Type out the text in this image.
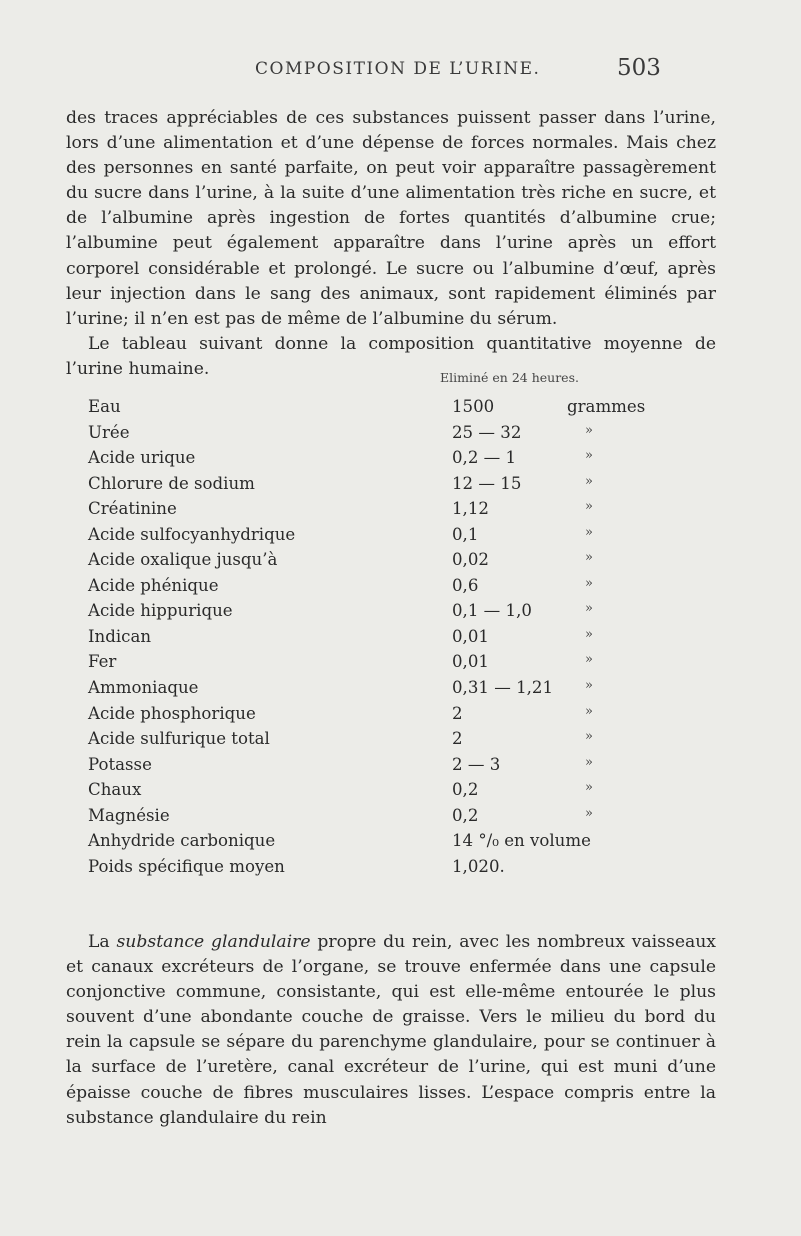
COMPOSITION DE L’URINE.	503

des traces appréciables de ces substances puissent passer dans l’urine, lors d’une alimentation et d’une dépense de forces normales. Mais chez des personnes en santé parfaite, on peut voir apparaître passagèrement du sucre dans l’urine, à la suite d’une alimentation très riche en sucre, et de l’albumine après ingestion de fortes quantités d’albumine crue; l’albumine peut également apparaître dans l’urine après un effort corporel considérable et prolongé. Le sucre ou l’albumine d’œuf, après leur injection dans le sang des animaux, sont rapidement éliminés par l’urine; il n’en est pas de même de l’albumine du sérum.
Le tableau suivant donne la composition quantitative moyenne de l’urine humaine.	Eliminé en 24 heures.
Eau	1500	grammes
Urée	25 — 32	»
Acide urique	0,2 — 1	»
Chlorure de sodium	12 — 15	»
Créatinine	1,12	»
Acide sulfocyanhydrique	0,1	»
Acide oxalique jusqu’à	0,02	»
Acide phénique	0,6	»
Acide hippurique	0,1 — 1,0	»
Indican	0,01	»
Fer	0,01	»
Ammoniaque	0,31 — 1,21 »
Acide phosphorique	2	»
Acide sulfurique total	2	»
Potasse	2 — 3	»
Chaux	0,2	»
Magnésie	0,2	»
Anhydride carbonique	14 °/₀ en volume
Poids spécifique moyen	1,020.

La substance glandulaire propre du rein, avec les nombreux vaisseaux et canaux excréteurs de l’organe, se trouve enfermée dans une capsule conjonctive commune, consistante, qui est elle-même entourée le plus souvent d’une abondante couche de graisse. Vers le milieu du bord du rein la capsule se sépare du parenchyme glandulaire, pour se continuer à la surface de l’uretère, canal excréteur de l’urine, qui est muni d’une épaisse couche de fibres musculaires lisses. L’espace compris entre la substance glandulaire du rein
